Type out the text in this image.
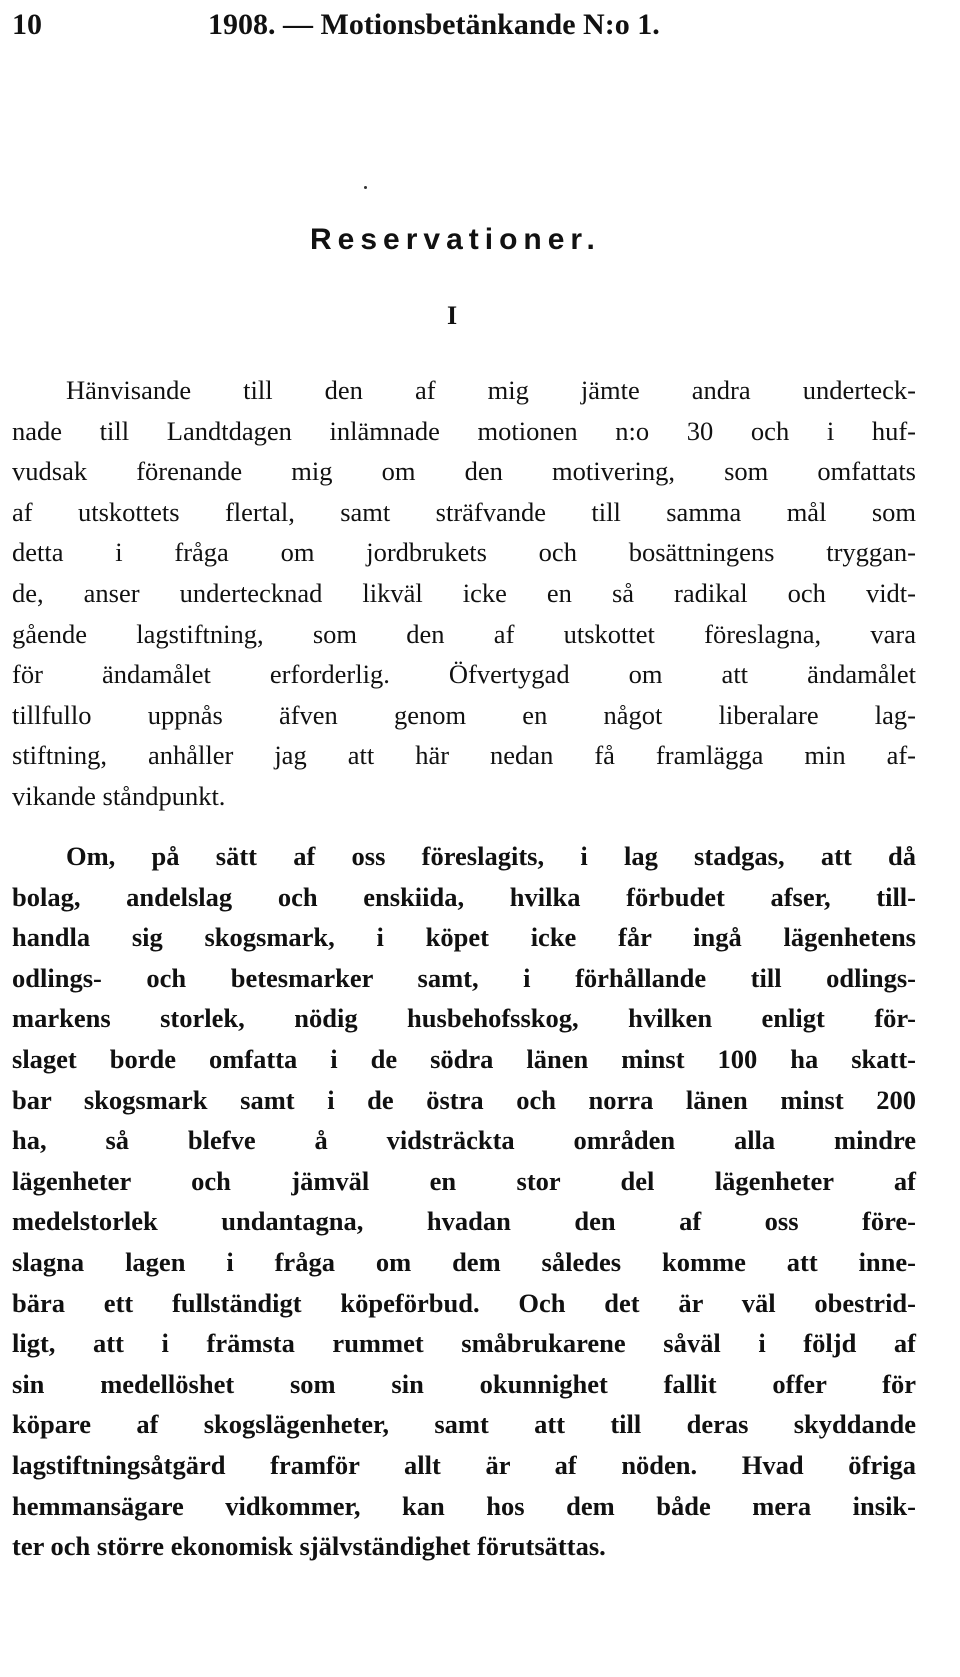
10	1908. — Motionsbetänkande N:o 1.
Reservationer.
I
Hänvisande till den af mig jämte andra underteck-
nade till Landtdagen inlämnade motionen n:o 30 och i huf-
vudsak förenande mig om den motivering, som omfattats
af utskottets flertal, samt sträfvande till samma mål som
detta i fråga om jordbrukets och bosättningens tryggan-
de, anser undertecknad likväl icke en så radikal och vidt-
gående lagstiftning, som den af utskottet föreslagna, vara
för ändamålet erforderlig. Öfvertygad om att ändamålet
tillfullo uppnås äfven genom en något liberalare lag-
stiftning, anhåller jag att här nedan få framlägga min af-
vikande ståndpunkt.
Om, på sätt af oss föreslagits, i lag stadgas, att då
bolag, andelslag och enskiida, hvilka förbudet afser, till-
handla sig skogsmark, i köpet icke får ingå lägenhetens
odlings- och betesmarker samt, i förhållande till odlings-
markens storlek, nödig husbehofsskog, hvilken enligt för-
slaget borde omfatta i de södra länen minst 100 ha skatt-
bar skogsmark samt i de östra och norra länen minst 200
ha, så blefve å vidsträckta områden alla mindre
lägenheter och jämväl en stor del lägenheter af
medelstorlek undantagna, hvadan den af oss före-
slagna lagen i fråga om dem således komme att inne-
bära ett fullständigt köpeförbud. Och det är väl obestrid-
ligt, att i främsta rummet småbrukarene såväl i följd af
sin medellöshet som sin okunnighet fallit offer för
köpare af skogslägenheter, samt att till deras skyddande
lagstiftningsåtgärd framför allt är af nöden. Hvad öfriga
hemmansägare vidkommer, kan hos dem både mera insik-
ter och större ekonomisk självständighet förutsättas.
